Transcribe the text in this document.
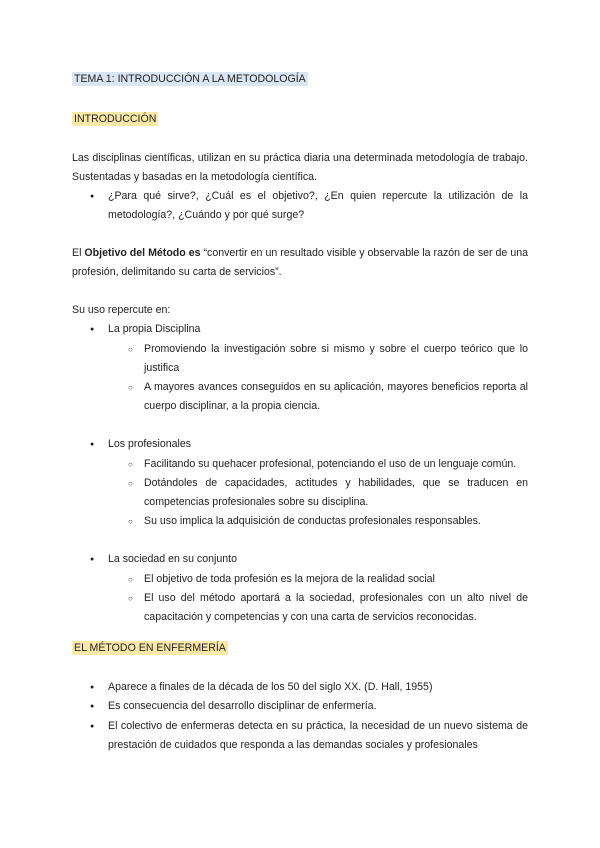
TEMA 1: INTRODUCCIÓN A LA METODOLOGÍA
INTRODUCCIÓN

Las disciplinas científicas, utilizan en su práctica diaria una determinada metodología de trabajo. Sustentadas y basadas en la metodología científica.

● ¿Para qué sirve?, ¿Cuál es el objetivo?, ¿En quien repercute la utilización de la metodología?, ¿Cuándo y por qué surge?

El Objetivo del Método es “convertir en un resultado visible y observable la razón de ser de una profesión, delimitando su carta de servicios”.

Su uso repercute en:

● La propia Disciplina
○ Promoviendo la investigación sobre si mismo y sobre el cuerpo teórico que lo justifica
○ A mayores avances conseguidos en su aplicación, mayores beneficios reporta al cuerpo disciplinar, a la propia ciencia.
● Los profesionales
○ Facilitando su quehacer profesional, potenciando el uso de un lenguaje común.
○ Dotándoles de capacidades, actitudes y habilidades, que se traducen en competencias profesionales sobre su disciplina.
○ Su uso implica la adquisición de conductas profesionales responsables.
● La sociedad en su conjunto
○ El objetivo de toda profesión es la mejora de la realidad social
○ El uso del método aportará a la sociedad, profesionales con un alto nivel de capacitación y competencias y con una carta de servicios reconocidas.
EL MÉTODO EN ENFERMERÍA
● Aparece a finales de la década de los 50 del siglo XX. (D. Hall, 1955)
● Es consecuencia del desarrollo disciplinar de enfermería.
● El colectivo de enfermeras detecta en su práctica, la necesidad de un nuevo sistema de prestación de cuidados que responda a las demandas sociales y profesionales
